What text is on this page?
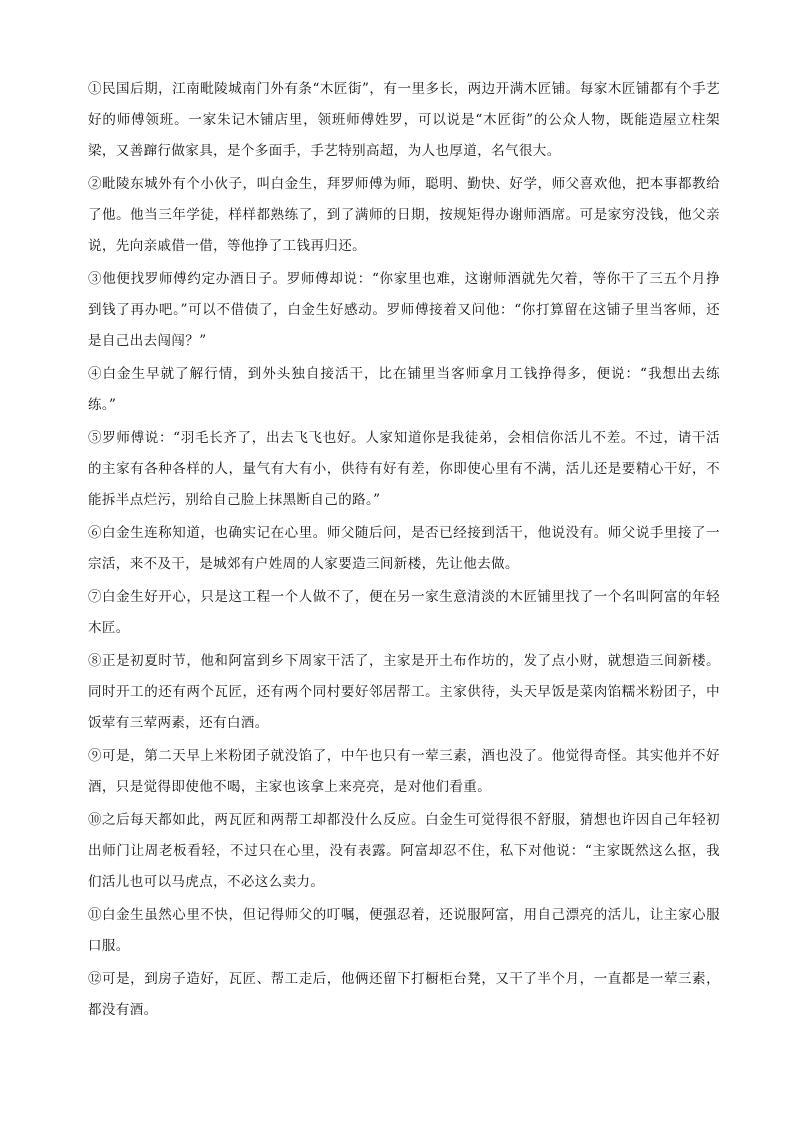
①民国后期，江南毗陵城南门外有条“木匠街”，有一里多长，两边开满木匠铺。每家木匠铺都有个手艺好的师傅领班。一家朱记木铺店里，领班师傅姓罗，可以说是“木匠街”的公众人物，既能造屋立柱架梁，又善蹿行做家具，是个多面手，手艺特别高超，为人也厚道，名气很大。

②毗陵东城外有个小伙子，叫白金生，拜罗师傅为师，聪明、勤快、好学，师父喜欢他，把本事都教给了他。他当三年学徒，样样都熟练了，到了满师的日期，按规矩得办谢师酒席。可是家穷没钱，他父亲说，先向亲戚借一借，等他挣了工钱再归还。

③他便找罗师傅约定办酒日子。罗师傅却说：“你家里也难，这谢师酒就先欠着，等你干了三五个月挣到钱了再办吧。”可以不借债了，白金生好感动。罗师傅接着又问他：“你打算留在这铺子里当客师，还是自己出去闯闯？”

④白金生早就了解行情，到外头独自接活干，比在铺里当客师拿月工钱挣得多，便说：“我想出去练练。”

⑤罗师傅说：“羽毛长齐了，出去飞飞也好。人家知道你是我徒弟，会相信你活儿不差。不过，请干活的主家有各种各样的人，量气有大有小，供待有好有差，你即使心里有不满，活儿还是要精心干好，不能拆半点烂污，别给自己脸上抹黑断自己的路。”

⑥白金生连称知道，也确实记在心里。师父随后问，是否已经接到活干，他说没有。师父说手里接了一宗活，来不及干，是城郊有户姓周的人家要造三间新楼，先让他去做。

⑦白金生好开心，只是这工程一个人做不了，便在另一家生意清淡的木匠铺里找了一个名叫阿富的年轻木匠。

⑧正是初夏时节，他和阿富到乡下周家干活了，主家是开土布作坊的，发了点小财，就想造三间新楼。同时开工的还有两个瓦匠，还有两个同村要好邻居帮工。主家供待，头天早饭是菜肉馅糯米粉团子，中饭荤有三荤两素，还有白酒。

⑨可是，第二天早上米粉团子就没馅了，中午也只有一荤三素，酒也没了。他觉得奇怪。其实他并不好酒，只是觉得即使他不喝，主家也该拿上来亮亮，是对他们看重。

⑩之后每天都如此，两瓦匠和两帮工却都没什么反应。白金生可觉得很不舒服，猜想也许因自己年轻初出师门让周老板看轻，不过只在心里，没有表露。阿富却忍不住，私下对他说：“主家既然这么抠，我们活儿也可以马虎点，不必这么卖力。

⑪白金生虽然心里不快，但记得师父的叮嘱，便强忍着，还说服阿富，用自己漂亮的活儿，让主家心服口服。

⑫可是，到房子造好，瓦匠、帮工走后，他俩还留下打橱柜台凳，又干了半个月，一直都是一荤三素，都没有酒。
